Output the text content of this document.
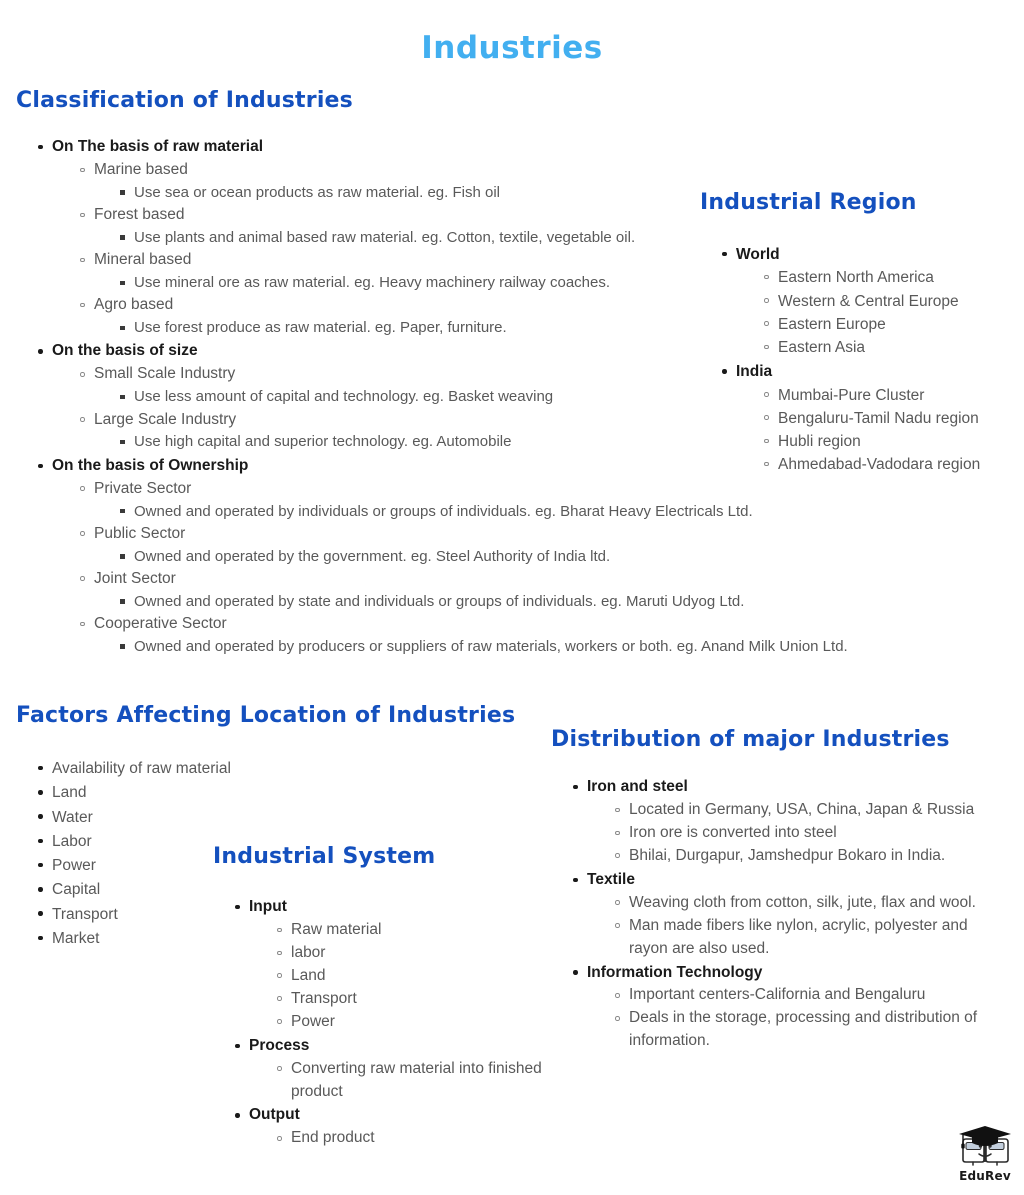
Industries
Classification of Industries
On The basis of raw material
Marine based
Use sea or ocean products as raw material. eg. Fish oil
Forest based
Use plants and animal based raw material. eg. Cotton, textile, vegetable oil.
Mineral based
Use mineral ore as raw material. eg. Heavy machinery railway coaches.
Agro based
Use forest produce as raw material. eg. Paper, furniture.
On the basis of size
Small Scale Industry
Use less amount of capital and technology. eg. Basket weaving
Large Scale Industry
Use high capital and superior technology. eg. Automobile
On the basis of Ownership
Private Sector
Owned and operated by individuals or groups of individuals. eg. Bharat Heavy Electricals Ltd.
Public Sector
Owned and operated by the government. eg. Steel Authority of India ltd.
Joint Sector
Owned and operated by state and individuals or groups of individuals. eg. Maruti Udyog Ltd.
Cooperative Sector
Owned and operated by producers or suppliers of raw materials, workers or both. eg. Anand Milk Union Ltd.
Industrial Region
World
Eastern North America
Western & Central Europe
Eastern Europe
Eastern Asia
India
Mumbai-Pure Cluster
Bengaluru-Tamil Nadu region
Hubli region
Ahmedabad-Vadodara region
Factors Affecting Location of Industries
Availability of raw material
Land
Water
Labor
Power
Capital
Transport
Market
Industrial System
Input
Raw material
labor
Land
Transport
Power
Process
Converting raw material into finished product
Output
End product
Distribution of major Industries
Iron and steel
Located in Germany, USA, China, Japan & Russia
Iron ore is converted into steel
Bhilai, Durgapur, Jamshedpur Bokaro in India.
Textile
Weaving cloth from cotton, silk, jute, flax and wool.
Man made fibers like nylon, acrylic, polyester and rayon are also used.
Information Technology
Important centers-California and Bengaluru
Deals in the storage, processing and distribution of information.
EduRev
